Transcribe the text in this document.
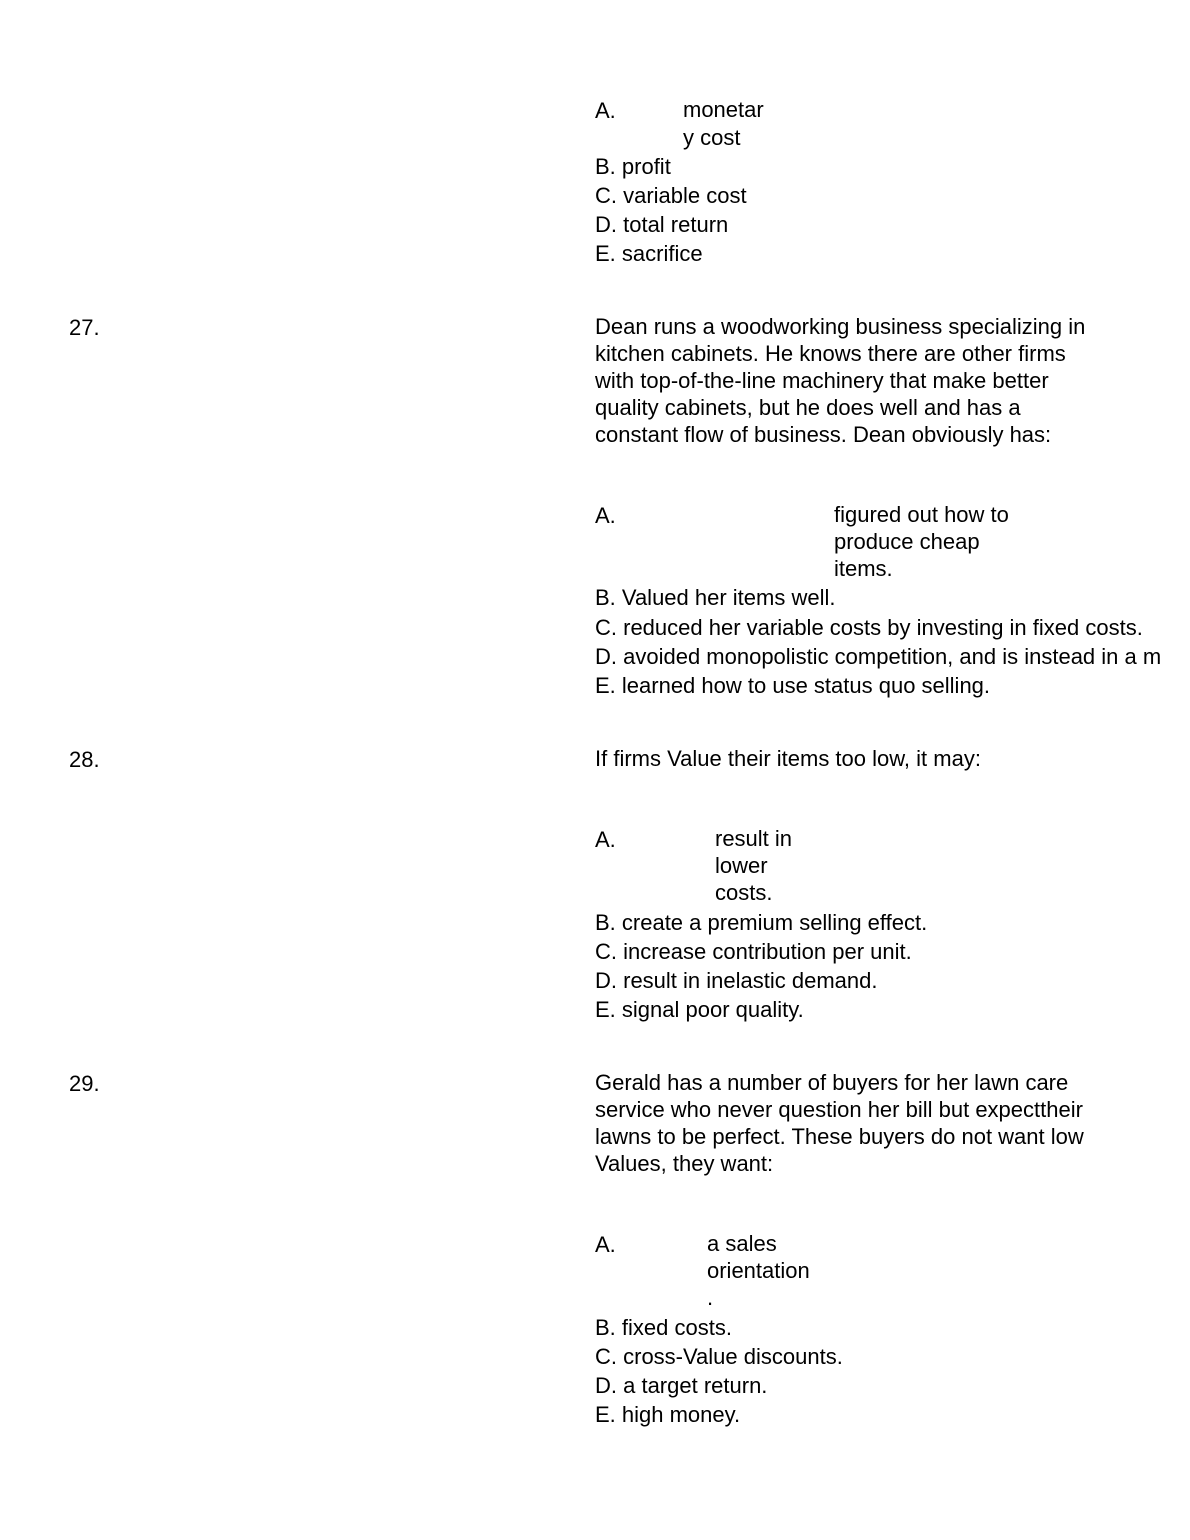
A.	monetar
y cost
B. profit
C. variable cost
D. total return
E. sacrifice
27.	Dean runs a woodworking business specializing in
kitchen cabinets. He knows there are other firms
with top-of-the-line machinery that make better
quality cabinets, but he does well and has a
constant flow of business. Dean obviously has:
A.	figured out how to
produce cheap
items.
B. Valued her items well.
C. reduced her variable costs by investing in fixed costs.
D. avoided monopolistic competition, and is instead in a m
E. learned how to use status quo selling.
28.	If firms Value their items too low, it may:
A.	result in
lower
costs.
B. create a premium selling effect.
C. increase contribution per unit.
D. result in inelastic demand.
E. signal poor quality.
29.	Gerald has a number of buyers for her lawn care
service who never question her bill but expecttheir
lawns to be perfect. These buyers do not want low
Values, they want:
A.	a sales
orientation
.
B. fixed costs.
C. cross-Value discounts.
D. a target return.
E. high money.
